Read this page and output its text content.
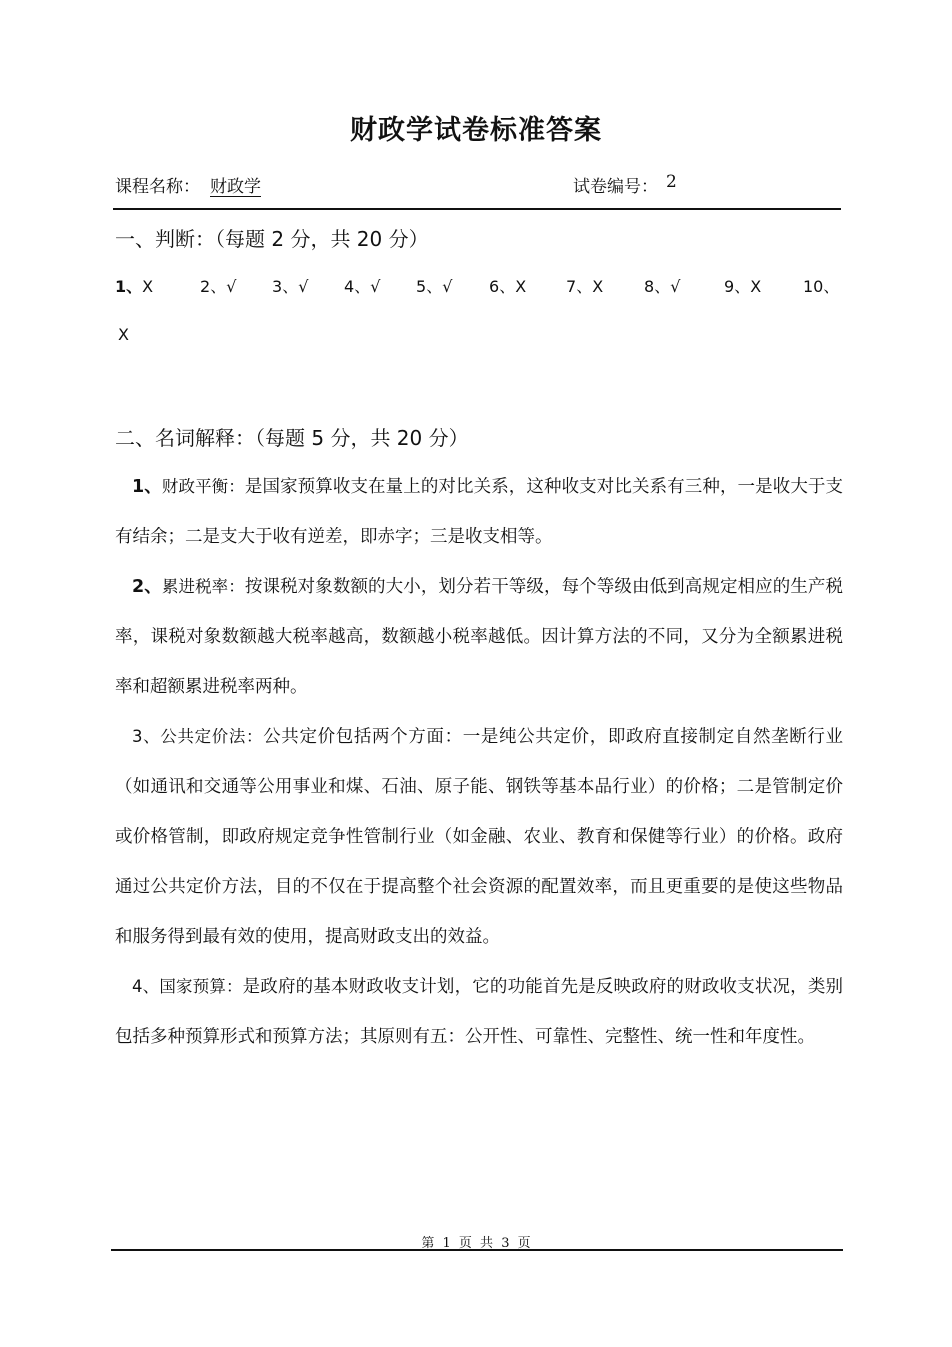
财政学试卷标准答案
课程名称： 财政学	试卷编号： 2
一、判断：（每题 2 分，共 20 分）
1、X	2、√ 3、√ 4、√ 5、√ 6、X 7、X	8、√	9、X	10、
X
二、名词解释：（每题 5 分，共 20 分）

1、财政平衡：是国家预算收支在量上的对比关系，这种收支对比关系有三种，一是收大于支有结余；二是支大于收有逆差，即赤字；三是收支相等。

2、累进税率：按课税对象数额的大小，划分若干等级，每个等级由低到高规定相应的生产税率，课税对象数额越大税率越高，数额越小税率越低。因计算方法的不同，又分为全额累进税率和超额累进税率两种。

3、公共定价法：公共定价包括两个方面：一是纯公共定价，即政府直接制定自然垄断行业（如通讯和交通等公用事业和煤、石油、原子能、钢铁等基本品行业）的价格；二是管制定价或价格管制，即政府规定竞争性管制行业（如金融、农业、教育和保健等行业）的价格。政府通过公共定价方法，目的不仅在于提高整个社会资源的配置效率，而且更重要的是使这些物品和服务得到最有效的使用，提高财政支出的效益。

4、国家预算：是政府的基本财政收支计划，它的功能首先是反映政府的财政收支状况，类别包括多种预算形式和预算方法；其原则有五：公开性、可靠性、完整性、统一性和年度性。

第 1 页 共 3 页
